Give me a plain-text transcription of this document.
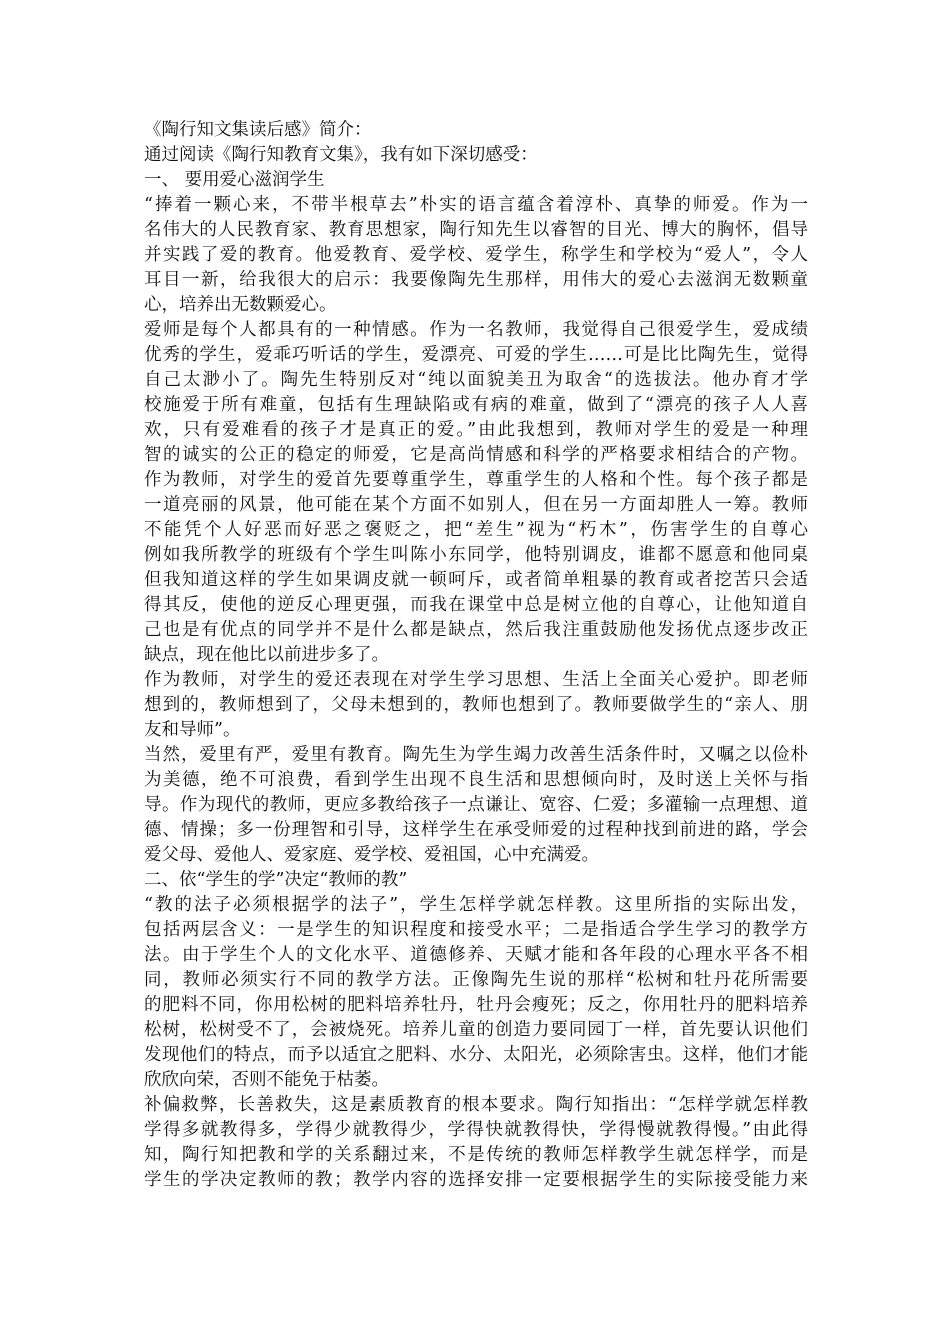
《陶行知文集读后感》简介：
通过阅读《陶行知教育文集》，我有如下深切感受：
一、 要用爱心滋润学生
“捧着一颗心来，不带半根草去”朴实的语言蕴含着淳朴、真挚的师爱。作为一
名伟大的人民教育家、教育思想家，陶行知先生以睿智的目光、博大的胸怀，倡导
并实践了爱的教育。他爱教育、爱学校、爱学生，称学生和学校为“爱人”，令人
耳目一新，给我很大的启示：我要像陶先生那样，用伟大的爱心去滋润无数颗童
心，培养出无数颗爱心。
爱师是每个人都具有的一种情感。作为一名教师，我觉得自己很爱学生，爱成绩
优秀的学生，爱乖巧听话的学生，爱漂亮、可爱的学生……可是比比陶先生，觉得
自己太渺小了。陶先生特别反对“纯以面貌美丑为取舍“的选拔法。他办育才学
校施爱于所有难童，包括有生理缺陷或有病的难童，做到了“漂亮的孩子人人喜
欢，只有爱难看的孩子才是真正的爱。”由此我想到，教师对学生的爱是一种理
智的诚实的公正的稳定的师爱，它是高尚情感和科学的严格要求相结合的产物。
作为教师，对学生的爱首先要尊重学生，尊重学生的人格和个性。每个孩子都是
一道亮丽的风景，他可能在某个方面不如别人，但在另一方面却胜人一筹。教师
不能凭个人好恶而好恶之褒贬之，把“差生”视为“朽木”，伤害学生的自尊心
例如我所教学的班级有个学生叫陈小东同学，他特别调皮，谁都不愿意和他同桌
但我知道这样的学生如果调皮就一顿呵斥，或者简单粗暴的教育或者挖苦只会适
得其反，使他的逆反心理更强，而我在课堂中总是树立他的自尊心，让他知道自
己也是有优点的同学并不是什么都是缺点，然后我注重鼓励他发扬优点逐步改正
缺点，现在他比以前进步多了。
作为教师，对学生的爱还表现在对学生学习思想、生活上全面关心爱护。即老师
想到的，教师想到了，父母未想到的，教师也想到了。教师要做学生的“亲人、朋
友和导师”。
当然，爱里有严，爱里有教育。陶先生为学生竭力改善生活条件时，又嘱之以俭朴
为美德，绝不可浪费，看到学生出现不良生活和思想倾向时，及时送上关怀与指
导。作为现代的教师，更应多教给孩子一点谦让、宽容、仁爱；多灌输一点理想、道
德、情操；多一份理智和引导，这样学生在承受师爱的过程种找到前进的路，学会
爱父母、爱他人、爱家庭、爱学校、爱祖国，心中充满爱。
二、依“学生的学”决定“教师的教”
“教的法子必须根据学的法子”，学生怎样学就怎样教。这里所指的实际出发，
包括两层含义：一是学生的知识程度和接受水平；二是指适合学生学习的教学方
法。由于学生个人的文化水平、道德修养、天赋才能和各年段的心理水平各不相
同，教师必须实行不同的教学方法。正像陶先生说的那样“松树和牡丹花所需要
的肥料不同，你用松树的肥料培养牡丹，牡丹会瘦死；反之，你用牡丹的肥料培养
松树，松树受不了，会被烧死。培养儿童的创造力要同园丁一样，首先要认识他们
发现他们的特点，而予以适宜之肥料、水分、太阳光，必须除害虫。这样，他们才能
欣欣向荣，否则不能免于枯萎。
补偏救弊，长善救失，这是素质教育的根本要求。陶行知指出：“怎样学就怎样教
学得多就教得多，学得少就教得少，学得快就教得快，学得慢就教得慢。”由此得
知，陶行知把教和学的关系翻过来，不是传统的教师怎样教学生就怎样学，而是
学生的学决定教师的教；教学内容的选择安排一定要根据学生的实际接受能力来
